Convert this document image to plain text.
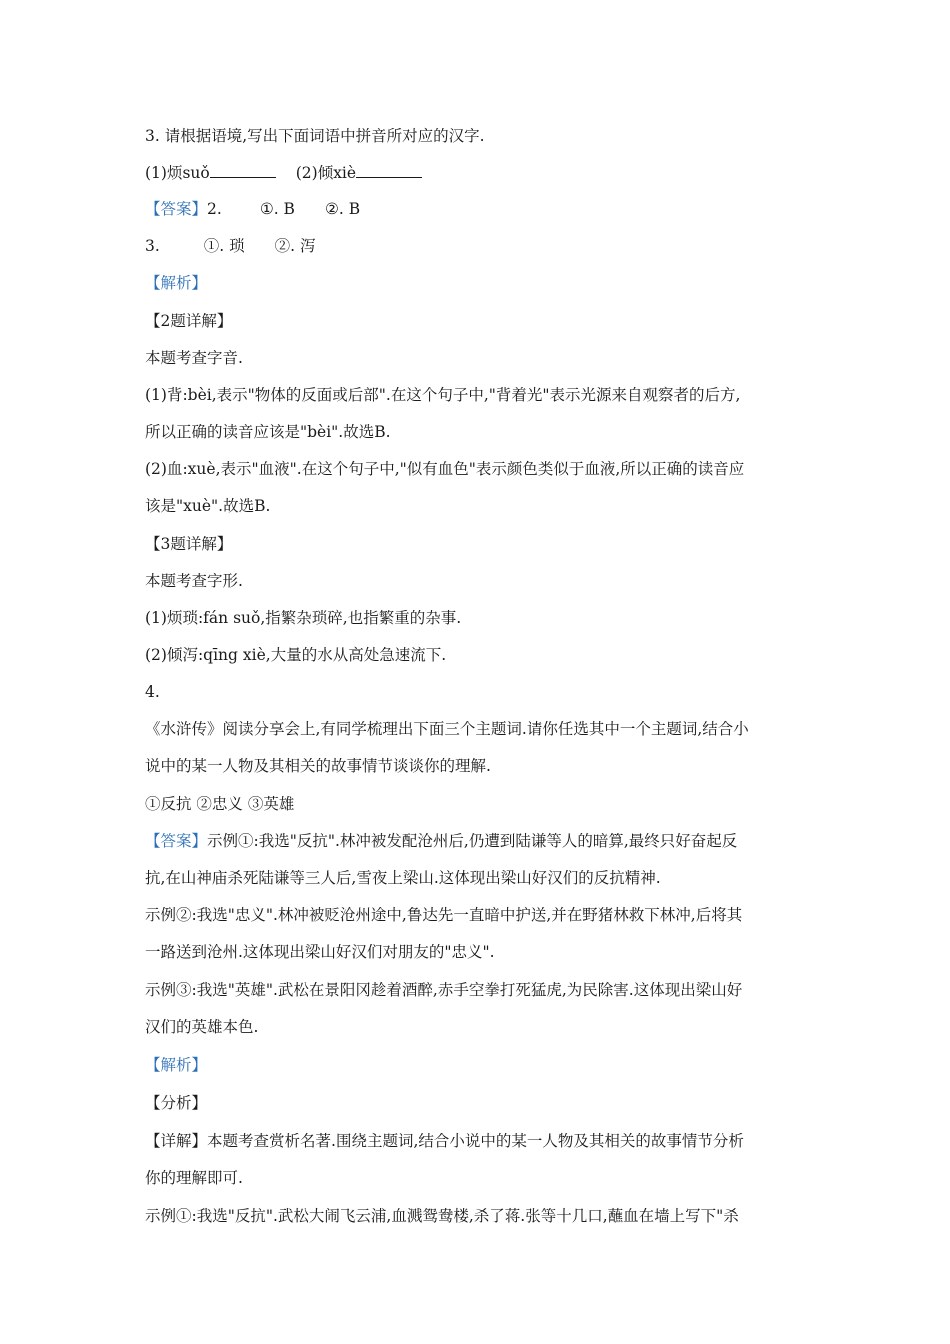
3. 请根据语境,写出下面词语中拼音所对应的汉字.

(1)烦suǒ	(2)倾xiè

【答案】2. ①. B ②. B

3.	①. 琐 ②. 泻

【解析】

【2题详解】

本题考查字音.

(1)背:bèi,表示"物体的反面或后部".在这个句子中,"背着光"表示光源来自观察者的后方,

所以正确的读音应该是"bèi".故选B.

(2)血:xuè,表示"血液".在这个句子中,"似有血色"表示颜色类似于血液,所以正确的读音应

该是"xuè".故选B.

【3题详解】

本题考查字形.

(1)烦琐:fán suǒ,指繁杂琐碎,也指繁重的杂事.

(2)倾泻:qīng xiè,大量的水从高处急速流下.

4.

《水浒传》阅读分享会上,有同学梳理出下面三个主题词.请你任选其中一个主题词,结合小

说中的某一人物及其相关的故事情节谈谈你的理解.

①反抗 ②忠义 ③英雄

【答案】示例①:我选"反抗".林冲被发配沧州后,仍遭到陆谦等人的暗算,最终只好奋起反

抗,在山神庙杀死陆谦等三人后,雪夜上梁山.这体现出梁山好汉们的反抗精神.

示例②:我选"忠义".林冲被贬沧州途中,鲁达先一直暗中护送,并在野猪林救下林冲,后将其

一路送到沧州.这体现出梁山好汉们对朋友的"忠义".

示例③:我选"英雄".武松在景阳冈趁着酒醉,赤手空拳打死猛虎,为民除害.这体现出梁山好

汉们的英雄本色.

【解析】

【分析】

【详解】本题考查赏析名著.围绕主题词,结合小说中的某一人物及其相关的故事情节分析

你的理解即可.

示例①:我选"反抗".武松大闹飞云浦,血溅鸳鸯楼,杀了蒋.张等十几口,蘸血在墙上写下"杀
